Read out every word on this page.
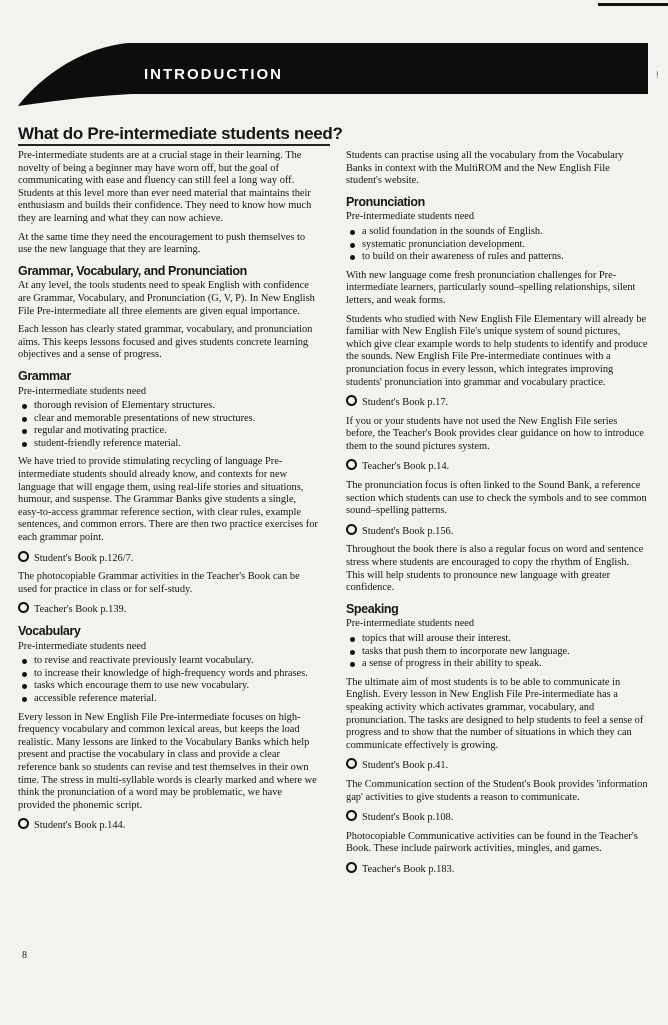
!
INTRODUCTION
What do Pre-intermediate students need?

Pre-intermediate students are at a crucial stage in their learning. The novelty of being a beginner may have worn off, but the goal of communicating with ease and fluency can still feel a long way off. Students at this level more than ever need material that maintains their enthusiasm and builds their confidence. They need to know how much they are learning and what they can now achieve.

At the same time they need the encouragement to push themselves to use the new language that they are learning.

Grammar, Vocabulary, and Pronunciation

At any level, the tools students need to speak English with confidence are Grammar, Vocabulary, and Pronunciation (G, V, P). In New English File Pre-intermediate all three elements are given equal importance.

Each lesson has clearly stated grammar, vocabulary, and pronunciation aims. This keeps lessons focused and gives students concrete learning objectives and a sense of progress.

Grammar

Pre-intermediate students need

thorough revision of Elementary structures.
clear and memorable presentations of new structures.
regular and motivating practice.
student-friendly reference material.

We have tried to provide stimulating recycling of language Pre-intermediate students should already know, and contexts for new language that will engage them, using real-life stories and situations, humour, and suspense. The Grammar Banks give students a single, easy-to-access grammar reference section, with clear rules, example sentences, and common errors. There are then two practice exercises for each grammar point.

Student's Book p.126/7.

The photocopiable Grammar activities in the Teacher's Book can be used for practice in class or for self-study.

Teacher's Book p.139.

Vocabulary

Pre-intermediate students need

to revise and reactivate previously learnt vocabulary.
to increase their knowledge of high-frequency words and phrases.
tasks which encourage them to use new vocabulary.
accessible reference material.

Every lesson in New English File Pre-intermediate focuses on high-frequency vocabulary and common lexical areas, but keeps the load realistic. Many lessons are linked to the Vocabulary Banks which help present and practise the vocabulary in class and provide a clear reference bank so students can revise and test themselves in their own time. The stress in multi-syllable words is clearly marked and where we think the pronunciation of a word may be problematic, we have provided the phonemic script.

Student's Book p.144.

Students can practise using all the vocabulary from the Vocabulary Banks in context with the MultiROM and the New English File student's website.

Pronunciation

Pre-intermediate students need

a solid foundation in the sounds of English.
systematic pronunciation development.
to build on their awareness of rules and patterns.

With new language come fresh pronunciation challenges for Pre-intermediate learners, particularly sound–spelling relationships, silent letters, and weak forms.

Students who studied with New English File Elementary will already be familiar with New English File's unique system of sound pictures, which give clear example words to help students to identify and produce the sounds. New English File Pre-intermediate continues with a pronunciation focus in every lesson, which integrates improving students' pronunciation into grammar and vocabulary practice.

Student's Book p.17.

If you or your students have not used the New English File series before, the Teacher's Book provides clear guidance on how to introduce them to the sound pictures system.

Teacher's Book p.14.

The pronunciation focus is often linked to the Sound Bank, a reference section which students can use to check the symbols and to see common sound–spelling patterns.

Student's Book p.156.

Throughout the book there is also a regular focus on word and sentence stress where students are encouraged to copy the rhythm of English. This will help students to pronounce new language with greater confidence.

Speaking

Pre-intermediate students need

topics that will arouse their interest.
tasks that push them to incorporate new language.
a sense of progress in their ability to speak.

The ultimate aim of most students is to be able to communicate in English. Every lesson in New English File Pre-intermediate has a speaking activity which activates grammar, vocabulary, and pronunciation. The tasks are designed to help students to feel a sense of progress and to show that the number of situations in which they can communicate effectively is growing.

Student's Book p.41.

The Communication section of the Student's Book provides 'information gap' activities to give students a reason to communicate.

Student's Book p.108.

Photocopiable Communicative activities can be found in the Teacher's Book. These include pairwork activities, mingles, and games.

Teacher's Book p.183.

8
